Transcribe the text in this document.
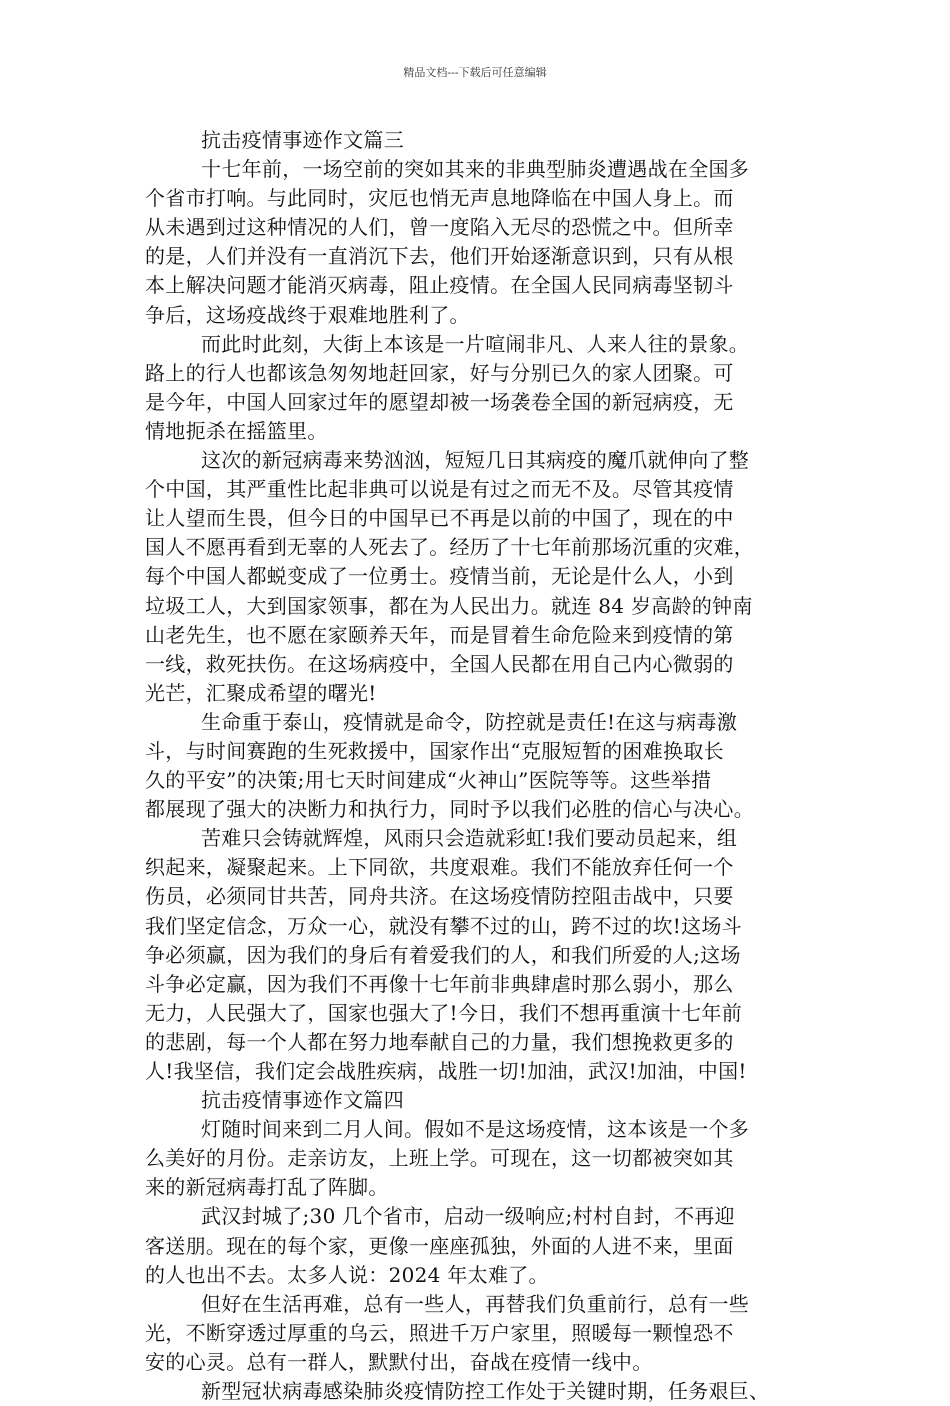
精品文档---下载后可任意编辑
抗击疫情事迹作文篇三
十七年前，一场空前的突如其来的非典型肺炎遭遇战在全国多
个省市打响。与此同时，灾厄也悄无声息地降临在中国人身上。而
从未遇到过这种情况的人们，曾一度陷入无尽的恐慌之中。但所幸
的是，人们并没有一直消沉下去，他们开始逐渐意识到，只有从根
本上解决问题才能消灭病毒，阻止疫情。在全国人民同病毒坚韧斗
争后，这场疫战终于艰难地胜利了。
而此时此刻，大街上本该是一片喧闹非凡、人来人往的景象。
路上的行人也都该急匆匆地赶回家，好与分别已久的家人团聚。可
是今年，中国人回家过年的愿望却被一场袭卷全国的新冠病疫，无
情地扼杀在摇篮里。
这次的新冠病毒来势汹汹，短短几日其病疫的魔爪就伸向了整
个中国，其严重性比起非典可以说是有过之而无不及。尽管其疫情
让人望而生畏，但今日的中国早已不再是以前的中国了，现在的中
国人不愿再看到无辜的人死去了。经历了十七年前那场沉重的灾难，
每个中国人都蜕变成了一位勇士。疫情当前，无论是什么人，小到
垃圾工人，大到国家领事，都在为人民出力。就连 84 岁高龄的钟南
山老先生，也不愿在家颐养天年，而是冒着生命危险来到疫情的第
一线，救死扶伤。在这场病疫中，全国人民都在用自己内心微弱的
光芒，汇聚成希望的曙光!
生命重于泰山，疫情就是命令，防控就是责任!在这与病毒激
斗，与时间赛跑的生死救援中，国家作出“克服短暂的困难换取长
久的平安”的决策;用七天时间建成“火神山”医院等等。这些举措
都展现了强大的决断力和执行力，同时予以我们必胜的信心与决心。
苦难只会铸就辉煌，风雨只会造就彩虹!我们要动员起来，组
织起来，凝聚起来。上下同欲，共度艰难。我们不能放弃任何一个
伤员，必须同甘共苦，同舟共济。在这场疫情防控阻击战中，只要
我们坚定信念，万众一心，就没有攀不过的山，跨不过的坎!这场斗
争必须赢，因为我们的身后有着爱我们的人，和我们所爱的人;这场
斗争必定赢，因为我们不再像十七年前非典肆虐时那么弱小，那么
无力，人民强大了，国家也强大了!今日，我们不想再重演十七年前
的悲剧，每一个人都在努力地奉献自己的力量，我们想挽救更多的
人!我坚信，我们定会战胜疾病，战胜一切!加油，武汉!加油，中国!
抗击疫情事迹作文篇四
灯随时间来到二月人间。假如不是这场疫情，这本该是一个多
么美好的月份。走亲访友，上班上学。可现在，这一切都被突如其
来的新冠病毒打乱了阵脚。
武汉封城了;30 几个省市，启动一级响应;村村自封，不再迎
客送朋。现在的每个家，更像一座座孤独，外面的人进不来，里面
的人也出不去。太多人说：2024 年太难了。
但好在生活再难，总有一些人，再替我们负重前行，总有一些
光，不断穿透过厚重的乌云，照进千万户家里，照暖每一颗惶恐不
安的心灵。总有一群人，默默付出，奋战在疫情一线中。
新型冠状病毒感染肺炎疫情防控工作处于关键时期，任务艰巨、
